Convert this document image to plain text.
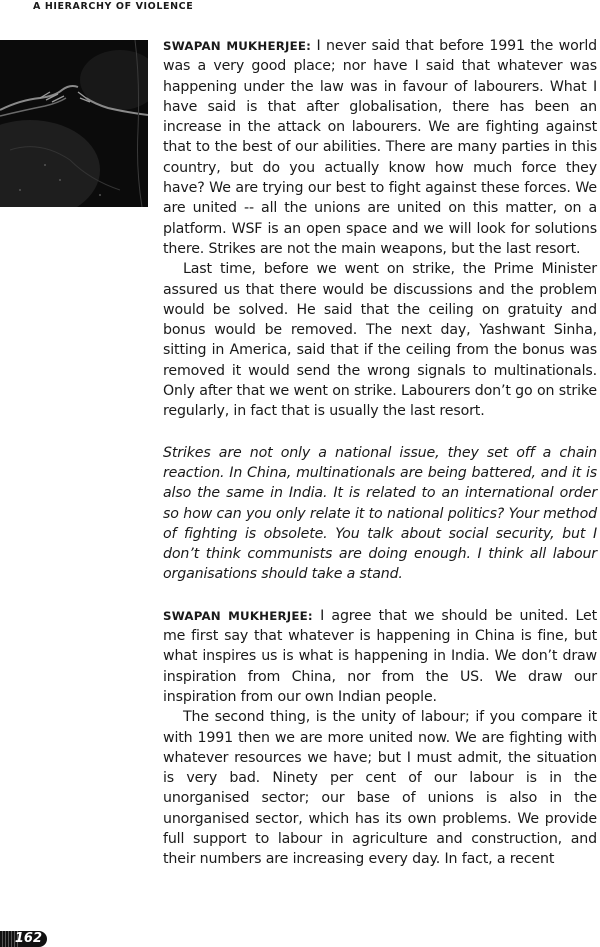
A HIERARCHY OF VIOLENCE

SWAPAN MUKHERJEE: I never said that before 1991 the world was a very good place; nor have I said that whatever was happening under the law was in favour of labourers. What I have said is that after globalisation, there has been an increase in the attack on labourers. We are fighting against that to the best of our abilities. There are many parties in this country, but do you actually know how much force they have? We are trying our best to fight against these forces. We are united -- all the unions are united on this matter, on a platform. WSF is an open space and we will look for solutions there. Strikes are not the main weapons, but the last resort.

Last time, before we went on strike, the Prime Minister assured us that there would be discussions and the problem would be solved. He said that the ceiling on gratuity and bonus would be removed. The next day, Yashwant Sinha, sitting in America, said that if the ceiling from the bonus was removed it would send the wrong signals to multinationals. Only after that we went on strike. Labourers don’t go on strike regularly, in fact that is usually the last resort.

Strikes are not only a national issue, they set off a chain reaction. In China, multinationals are being battered, and it is also the same in India. It is related to an international order so how can you only relate it to national politics? Your method of fighting is obsolete. You talk about social security, but I don’t think communists are doing enough. I think all labour organisations should take a stand.

SWAPAN MUKHERJEE: I agree that we should be united. Let me first say that whatever is happening in China is fine, but what inspires us is what is happening in India. We don’t draw inspiration from China, nor from the US. We draw our inspiration from our own Indian people.

The second thing, is the unity of labour; if you compare it with 1991 then we are more united now. We are fighting with whatever resources we have; but I must admit, the situation is very bad. Ninety per cent of our labour is in the unorganised sector; our base of unions is also in the unorganised sector, which has its own problems. We provide full support to labour in agriculture and construction, and their numbers are increasing every day. In fact, a recent

162
